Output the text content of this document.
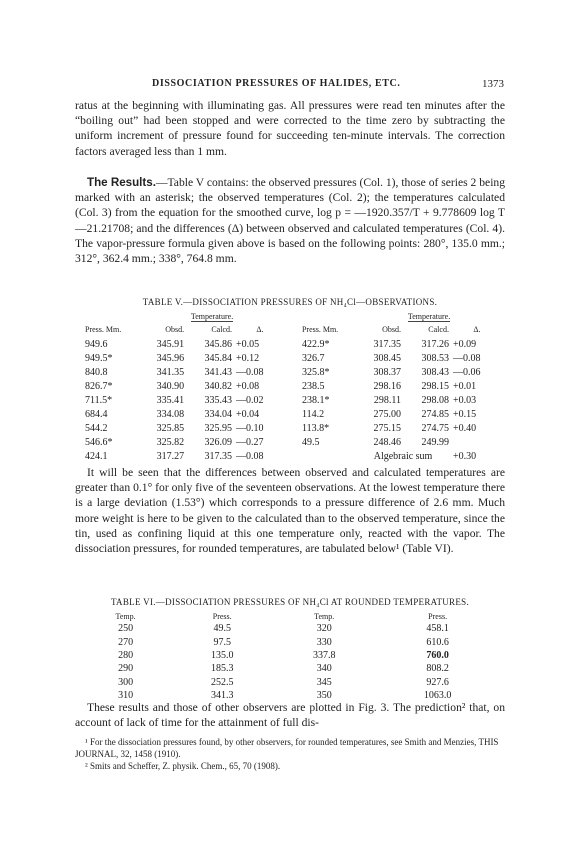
DISSOCIATION PRESSURES OF HALIDES, ETC.	1373

ratus at the beginning with illuminating gas. All pressures were read ten minutes after the “boiling out” had been stopped and were corrected to the time zero by subtracting the uniform increment of pressure found for succeeding ten-minute intervals. The correction factors averaged less than 1 mm.

The Results.—Table V contains: the observed pressures (Col. 1), those of series 2 being marked with an asterisk; the observed temperatures (Col. 2); the temperatures calculated (Col. 3) from the equation for the smoothed curve, log p = —1920.357/T + 9.778609 log T —21.21708; and the differences (Δ) between observed and calculated temperatures (Col. 4). The vapor-pressure formula given above is based on the following points: 280°, 135.0 mm.; 312°, 362.4 mm.; 338°, 764.8 mm.

TABLE V.—DISSOCIATION PRESSURES OF NH₄Cl—OBSERVATIONS.
	Temperature.					Temperature.		
Press. Mm.	Obsd.	Calcd.	Δ.		Press. Mm.	Obsd.	Calcd.	Δ.
949.6	345.91	345.86	+0.05		422.9*	317.35	317.26	+0.09
949.5*	345.96	345.84	+0.12		326.7	308.45	308.53	—0.08
840.8	341.35	341.43	—0.08		325.8*	308.37	308.43	—0.06
826.7*	340.90	340.82	+0.08		238.5	298.16	298.15	+0.01
711.5*	335.41	335.43	—0.02		238.1*	298.11	298.08	+0.03
684.4	334.08	334.04	+0.04		114.2	275.00	274.85	+0.15
544.2	325.85	325.95	—0.10		113.8*	275.15	274.75	+0.40
546.6*	325.82	326.09	—0.27		49.5	248.46	249.99	
424.1	317.27	317.35	—0.08			Algebraic sum		+0.30

It will be seen that the differences between observed and calculated temperatures are greater than 0.1° for only five of the seventeen observations. At the lowest temperature there is a large deviation (1.53°) which corresponds to a pressure difference of 2.6 mm. Much more weight is here to be given to the calculated than to the observed temperature, since the tin, used as confining liquid at this one temperature only, reacted with the vapor. The dissociation pressures, for rounded temperatures, are tabulated below¹ (Table VI).

TABLE VI.—DISSOCIATION PRESSURES OF NH₄Cl AT ROUNDED TEMPERATURES.
Temp.	Press.	Temp.	Press.
250	49.5	320	458.1
270	97.5	330	610.6
280	135.0	337.8	760.0
290	185.3	340	808.2
300	252.5	345	927.6
310	341.3	350	1063.0

These results and those of other observers are plotted in Fig. 3. The prediction² that, on account of lack of time for the attainment of full dis-

¹ For the dissociation pressures found, by other observers, for rounded temperatures, see Smith and Menzies, THIS JOURNAL, 32, 1458 (1910).

² Smits and Scheffer, Z. physik. Chem., 65, 70 (1908).
